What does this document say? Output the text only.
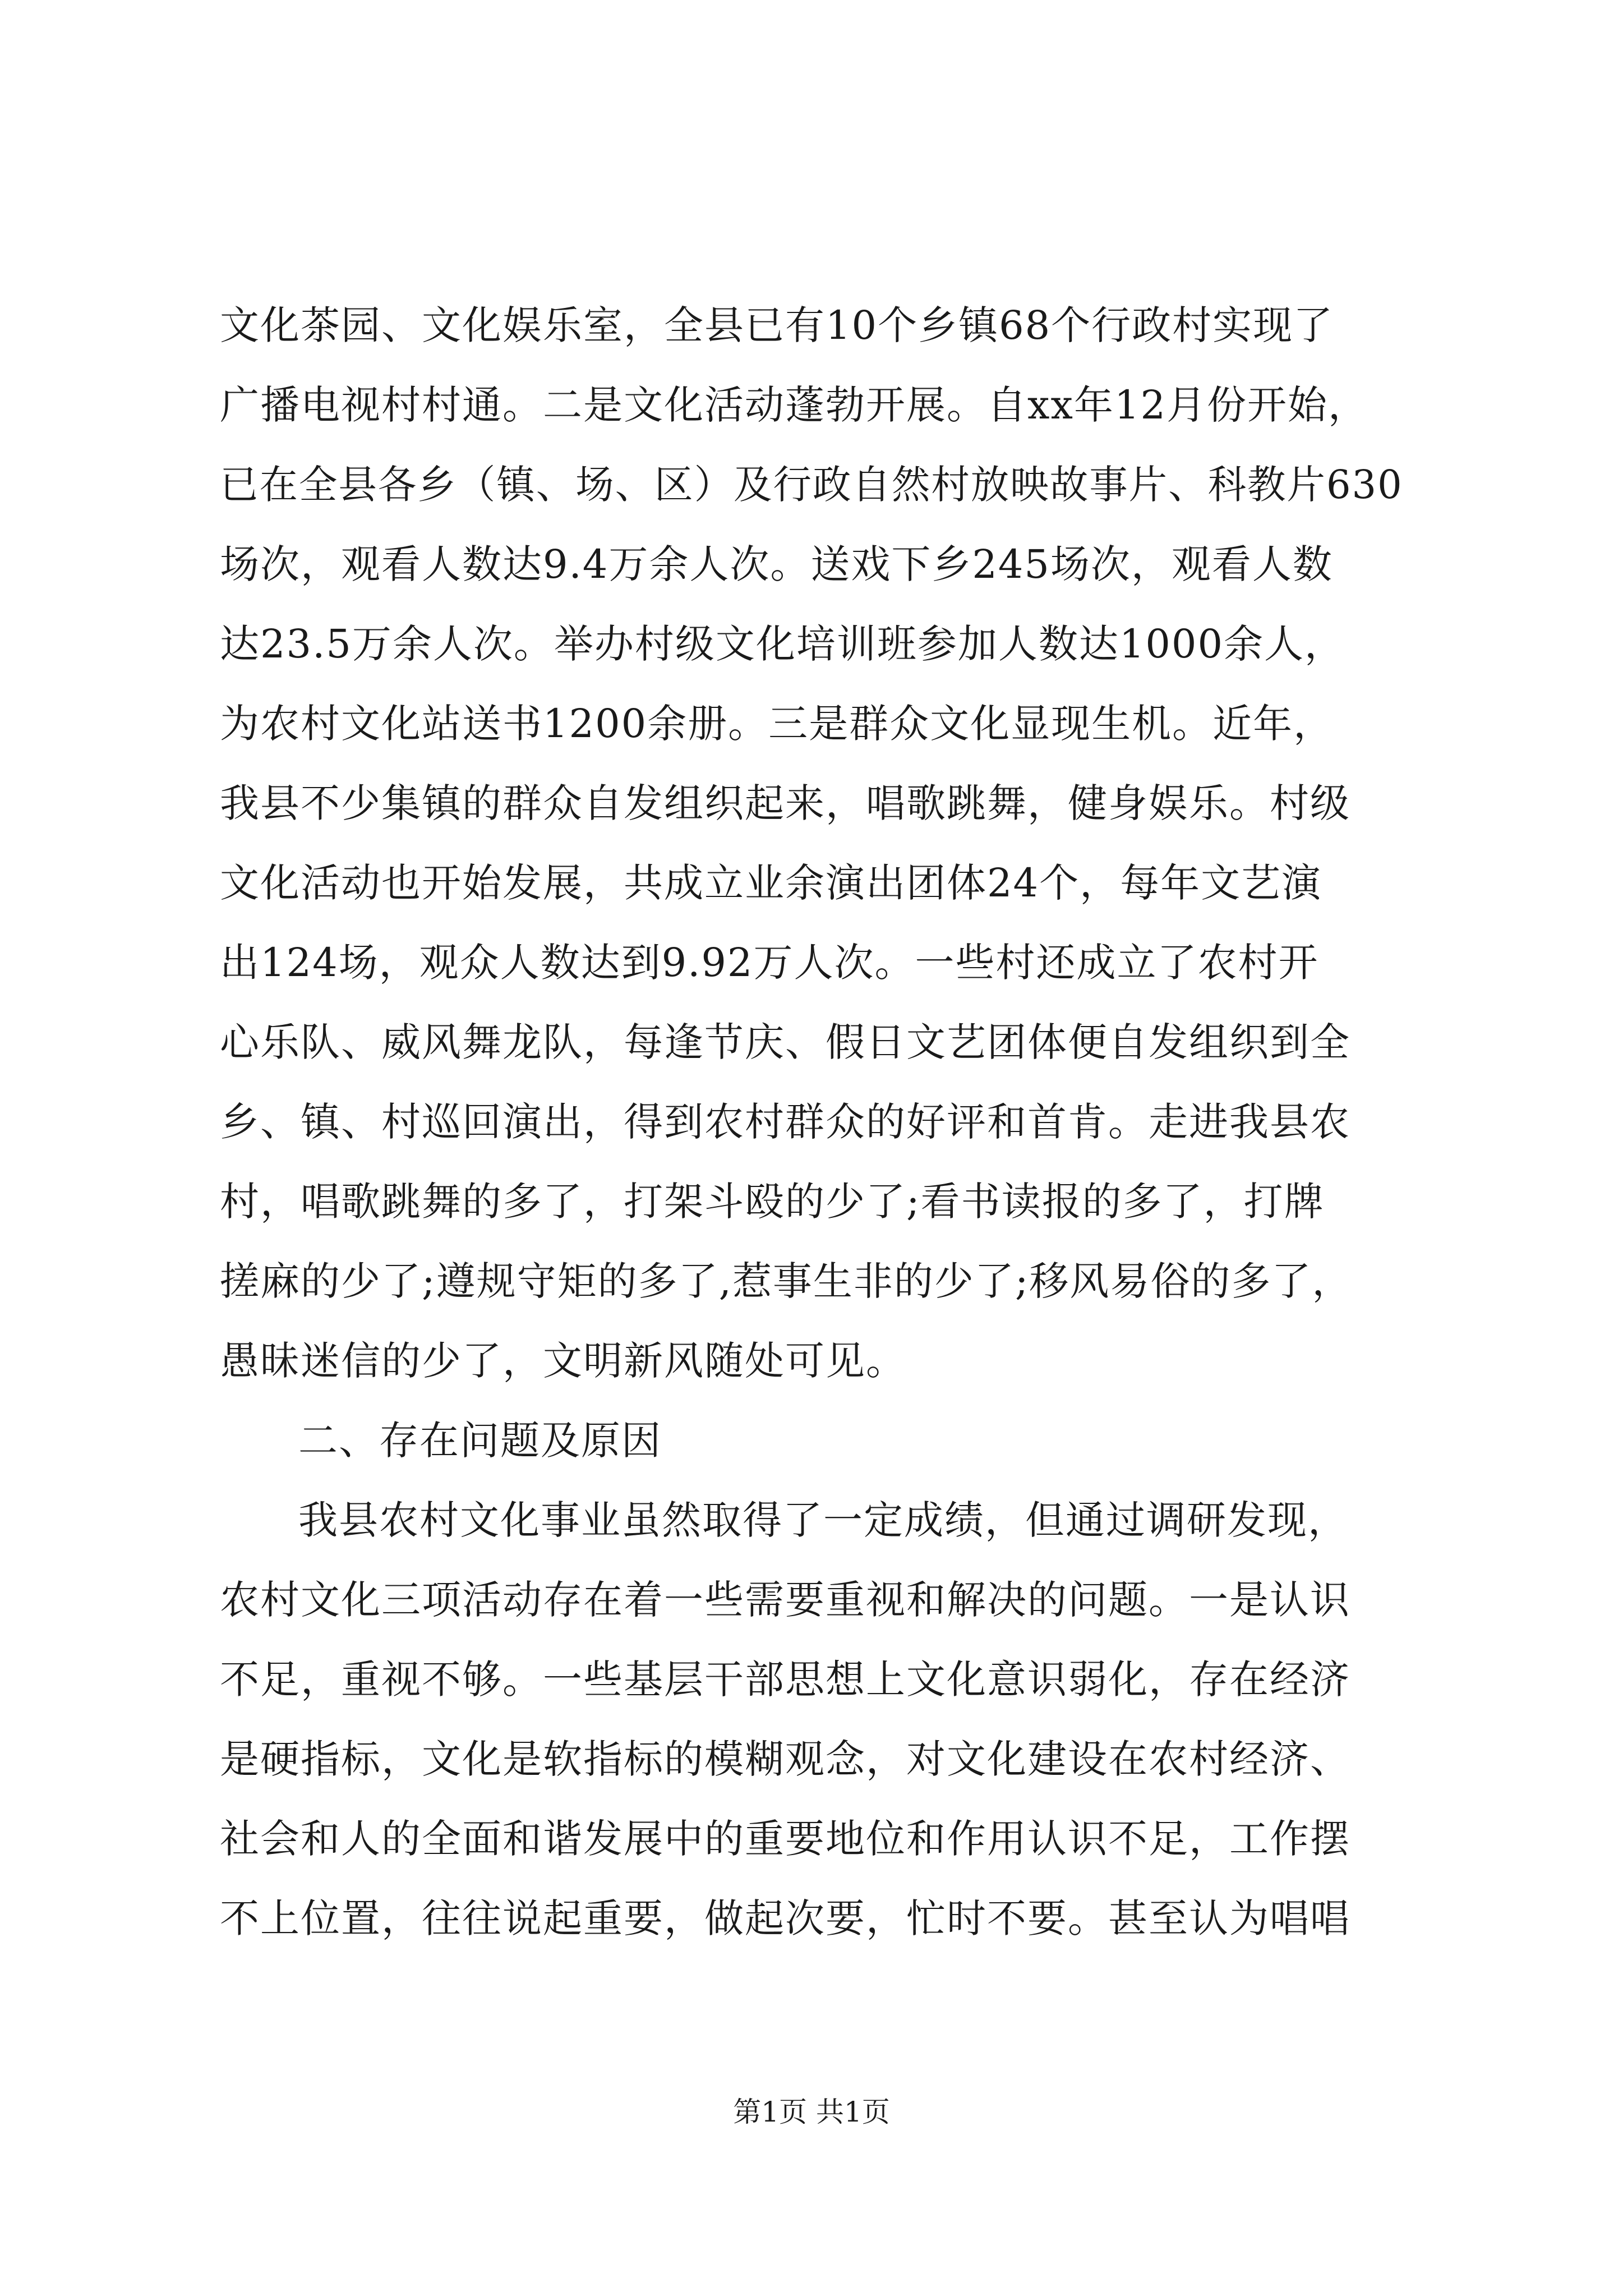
文化茶园、文化娱乐室，全县已有10个乡镇68个行政村实现了
广播电视村村通。二是文化活动蓬勃开展。自xx年12月份开始，
已在全县各乡（镇、场、区）及行政自然村放映故事片、科教片630
场次，观看人数达9.4万余人次。送戏下乡245场次，观看人数
达23.5万余人次。举办村级文化培训班参加人数达1000余人，
为农村文化站送书1200余册。三是群众文化显现生机。近年，
我县不少集镇的群众自发组织起来，唱歌跳舞，健身娱乐。村级
文化活动也开始发展，共成立业余演出团体24个，每年文艺演
出124场，观众人数达到9.92万人次。一些村还成立了农村开
心乐队、威风舞龙队，每逢节庆、假日文艺团体便自发组织到全
乡、镇、村巡回演出，得到农村群众的好评和首肯。走进我县农
村，唱歌跳舞的多了，打架斗殴的少了;看书读报的多了，打牌
搓麻的少了;遵规守矩的多了,惹事生非的少了;移风易俗的多了，
愚昧迷信的少了，文明新风随处可见。
二、存在问题及原因
我县农村文化事业虽然取得了一定成绩，但通过调研发现，
农村文化三项活动存在着一些需要重视和解决的问题。一是认识
不足，重视不够。一些基层干部思想上文化意识弱化，存在经济
是硬指标，文化是软指标的模糊观念，对文化建设在农村经济、
社会和人的全面和谐发展中的重要地位和作用认识不足，工作摆
不上位置，往往说起重要，做起次要，忙时不要。甚至认为唱唱
第1页 共1页
